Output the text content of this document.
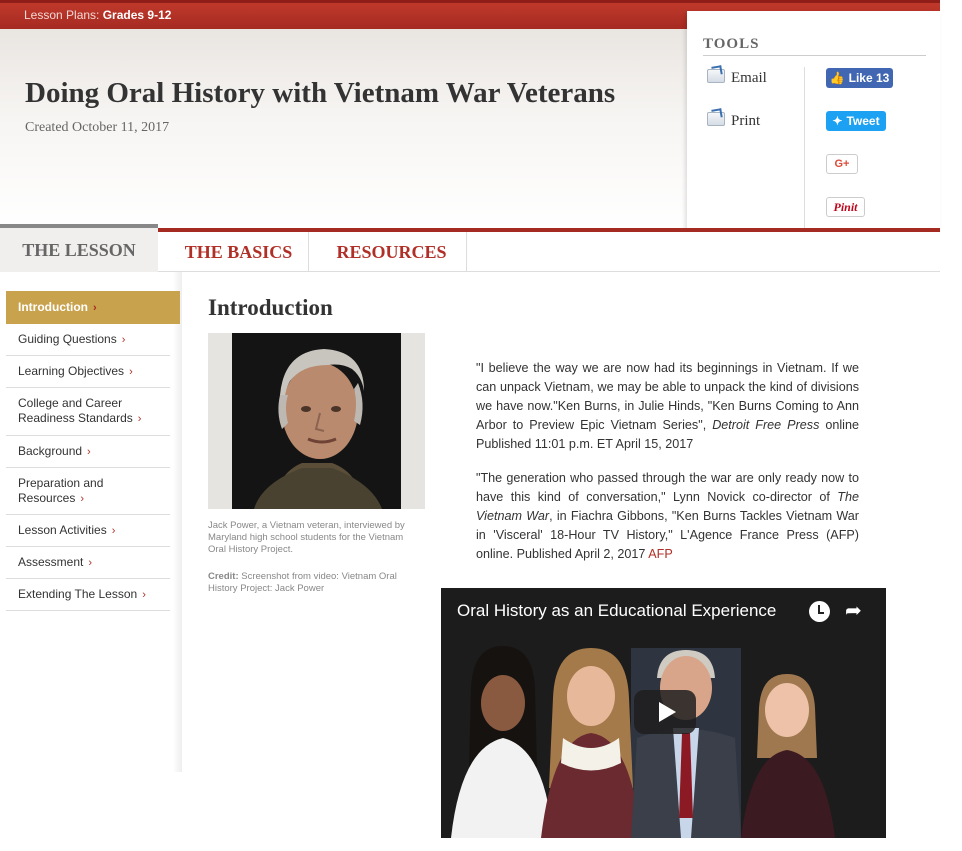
Lesson Plans: Grades 9-12
Doing Oral History with Vietnam War Veterans
Created October 11, 2017
TOOLS
Email
Print
👍 Like 13
✦ Tweet
G+
Pinit
THE LESSON	THE BASICS	RESOURCES
Introduction ›
Guiding Questions ›
Learning Objectives ›
College and Career
Readiness Standards ›
Background ›
Preparation and
Resources ›
Lesson Activities ›
Assessment ›
Extending The Lesson ›
Introduction
Jack Power, a Vietnam veteran, interviewed by Maryland high school students for the Vietnam Oral History Project.
Credit: Screenshot from video: Vietnam Oral History Project: Jack Power
"I believe the way we are now had its beginnings in Vietnam. If we can unpack Vietnam, we may be able to unpack the kind of divisions we have now."Ken Burns, in Julie Hinds, "Ken Burns Coming to Ann Arbor to Preview Epic Vietnam Series", Detroit Free Press online Published 11:01 p.m. ET April 15, 2017
"The generation who passed through the war are only ready now to have this kind of conversation," Lynn Novick co-director of The Vietnam War, in Fiachra Gibbons, "Ken Burns Tackles Vietnam War in 'Visceral' 18-Hour TV History," L'Agence France Press (AFP) online. Published April 2, 2017 AFP
Oral History as an Educational Experience	➦
